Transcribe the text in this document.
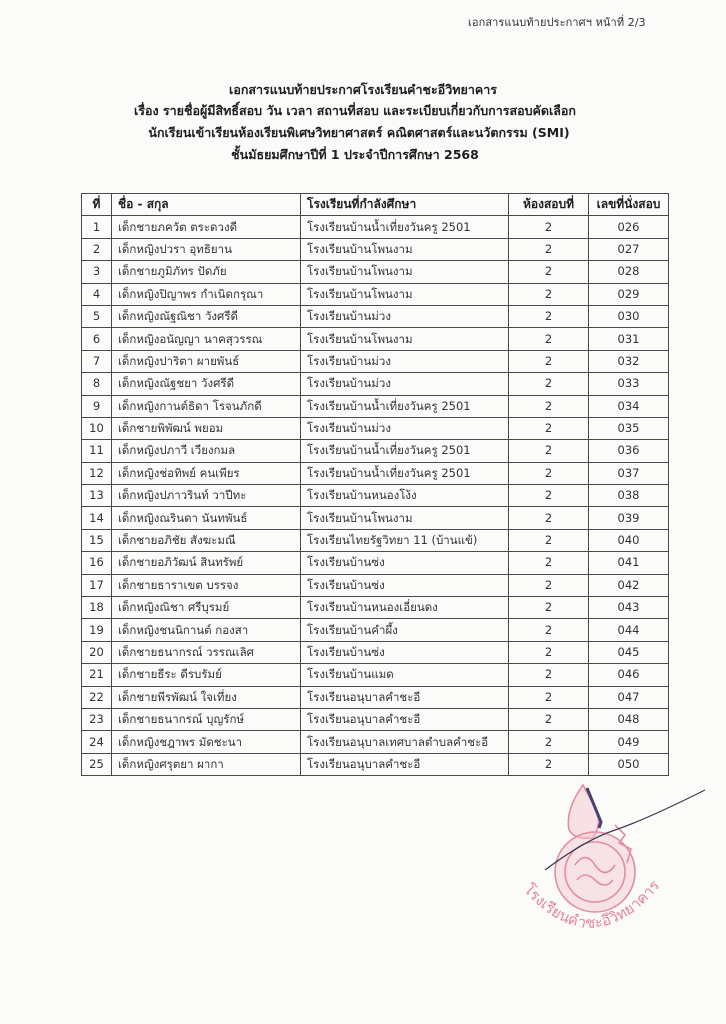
เอกสารแนบท้ายประกาศฯ หน้าที่ 2/3
เอกสารแนบท้ายประกาศโรงเรียนคำชะอีวิทยาคาร
เรื่อง รายชื่อผู้มีสิทธิ์สอบ วัน เวลา สถานที่สอบ และระเบียบเกี่ยวกับการสอบคัดเลือก
นักเรียนเข้าเรียนห้องเรียนพิเศษวิทยาศาสตร์ คณิตศาสตร์และนวัตกรรม (SMI)
ชั้นมัธยมศึกษาปีที่ 1 ประจำปีการศึกษา 2568
ที่	ชื่อ - สกุล	โรงเรียนที่กำลังศึกษา	ห้องสอบที่	เลขที่นั่งสอบ
1	เด็กชายภควัต ตระดวงดี	โรงเรียนบ้านน้ำเที่ยงวันครู 2501	2	026
2	เด็กหญิงปวรา อุทธิยาน	โรงเรียนบ้านโพนงาม	2	027
3	เด็กชายภูมิภัทร ปัดภัย	โรงเรียนบ้านโพนงาม	2	028
4	เด็กหญิงปิญาพร กำเนิดกรุณา	โรงเรียนบ้านโพนงาม	2	029
5	เด็กหญิงณัฐณิชา วังศรีดี	โรงเรียนบ้านม่วง	2	030
6	เด็กหญิงอนัญญา นาคสุวรรณ	โรงเรียนบ้านโพนงาม	2	031
7	เด็กหญิงปาริตา ผายพันธ์	โรงเรียนบ้านม่วง	2	032
8	เด็กหญิงณัฐชยา วังศรีดี	โรงเรียนบ้านม่วง	2	033
9	เด็กหญิงกานต์ธิดา โรจนภักดี	โรงเรียนบ้านน้ำเที่ยงวันครู 2501	2	034
10	เด็กชายพิพัฒน์ พยอม	โรงเรียนบ้านม่วง	2	035
11	เด็กหญิงปภาวี เวียงกมล	โรงเรียนบ้านน้ำเที่ยงวันครู 2501	2	036
12	เด็กหญิงช่อทิพย์ คนเพียร	โรงเรียนบ้านน้ำเที่ยงวันครู 2501	2	037
13	เด็กหญิงปภาวรินท์ วาปีทะ	โรงเรียนบ้านหนองโง้ง	2	038
14	เด็กหญิงณรินดา นันทพันธ์	โรงเรียนบ้านโพนงาม	2	039
15	เด็กชายอภิชัย สังฆะมณี	โรงเรียนไทยรัฐวิทยา 11 (บ้านแข้)	2	040
16	เด็กชายอภิวัฒน์ สินทรัพย์	โรงเรียนบ้านซ่ง	2	041
17	เด็กชายธาราเขต บรรจง	โรงเรียนบ้านซ่ง	2	042
18	เด็กหญิงณิชา ศรีบุรมย์	โรงเรียนบ้านหนองเอี่ยนดง	2	043
19	เด็กหญิงชนนิกานต์ กองสา	โรงเรียนบ้านคำผึ้ง	2	044
20	เด็กชายธนากรณ์ วรรณเลิศ	โรงเรียนบ้านซ่ง	2	045
21	เด็กชายธีระ ดีรบรัมย์	โรงเรียนบ้านแมด	2	046
22	เด็กชายพีรพัฒน์ ใจเที่ยง	โรงเรียนอนุบาลคำชะอี	2	047
23	เด็กชายธนากรณ์ บุญรักษ์	โรงเรียนอนุบาลคำชะอี	2	048
24	เด็กหญิงชฎาพร มัดชะนา	โรงเรียนอนุบาลเทศบาลตำบลคำชะอี	2	049
25	เด็กหญิงศรุตยา ผากา	โรงเรียนอนุบาลคำชะอี	2	050
โรงเรียนคำชะอีวิทยาคาร
